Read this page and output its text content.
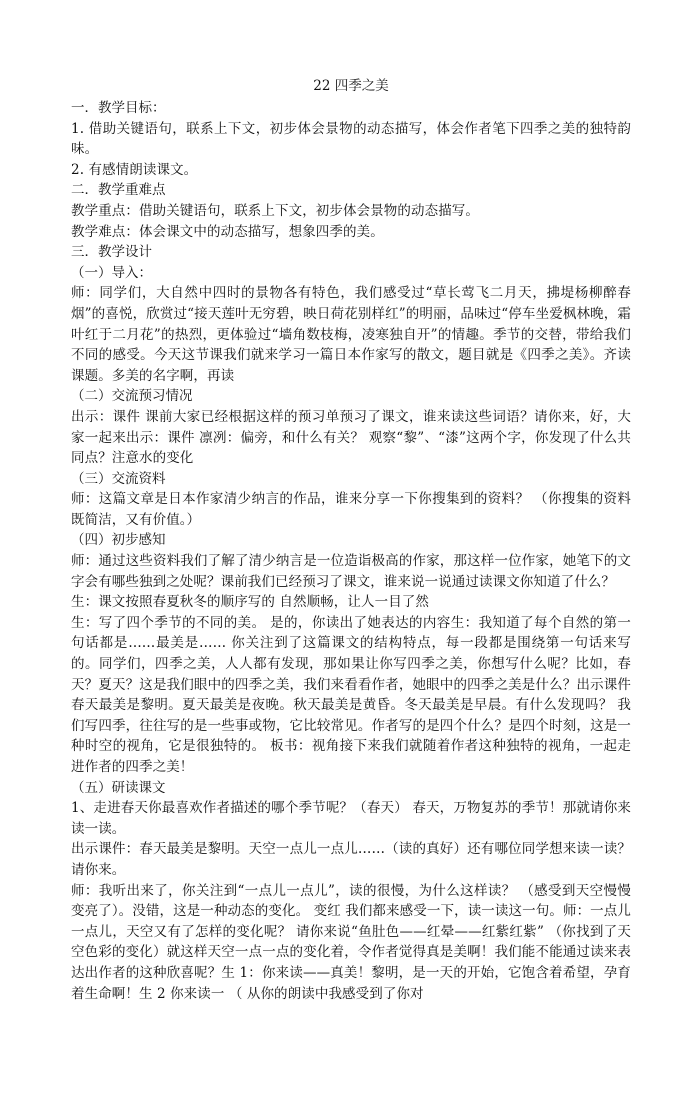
22 四季之美

一．教学目标：

1. 借助关键语句，联系上下文，初步体会景物的动态描写，体会作者笔下四季之美的独特韵味。

2. 有感情朗读课文。

二．教学重难点

教学重点：借助关键语句，联系上下文，初步体会景物的动态描写。

教学难点：体会课文中的动态描写，想象四季的美。

三．教学设计

（一）导入：

师：同学们，大自然中四时的景物各有特色，我们感受过“草长莺飞二月天，拂堤杨柳醉春烟”的喜悦，欣赏过“接天莲叶无穷碧，映日荷花别样红”的明丽，品味过“停车坐爱枫林晚，霜叶红于二月花”的热烈，更体验过“墙角数枝梅，凌寒独自开”的情趣。季节的交替，带给我们不同的感受。今天这节课我们就来学习一篇日本作家写的散文，题目就是《四季之美》。齐读课题。多美的名字啊，再读

（二）交流预习情况

出示：课件 课前大家已经根据这样的预习单预习了课文，谁来读这些词语？请你来，好，大家一起来出示：课件 凛冽：偏旁，和什么有关？ 观察“黎”、“漆”这两个字，你发现了什么共同点？注意水的变化

（三）交流资料

师：这篇文章是日本作家清少纳言的作品，谁来分享一下你搜集到的资料？ （你搜集的资料既简洁，又有价值。）

（四）初步感知

师：通过这些资料我们了解了清少纳言是一位造诣极高的作家，那这样一位作家，她笔下的文字会有哪些独到之处呢？课前我们已经预习了课文，谁来说一说通过读课文你知道了什么？

生：课文按照春夏秋冬的顺序写的 自然顺畅，让人一目了然

生：写了四个季节的不同的美。 是的，你读出了她表达的内容生：我知道了每个自然的第一句话都是……最美是…… 你关注到了这篇课文的结构特点，每一段都是围绕第一句话来写的。同学们，四季之美，人人都有发现，那如果让你写四季之美，你想写什么呢？比如，春天？夏天？这是我们眼中的四季之美，我们来看看作者，她眼中的四季之美是什么？出示课件 春天最美是黎明。夏天最美是夜晚。秋天最美是黄昏。冬天最美是早晨。有什么发现吗？ 我们写四季，往往写的是一些事或物，它比较常见。作者写的是四个什么？是四个时刻，这是一种时空的视角，它是很独特的。 板书：视角接下来我们就随着作者这种独特的视角，一起走进作者的四季之美！

（五）研读课文

1、走进春天你最喜欢作者描述的哪个季节呢？（春天） 春天，万物复苏的季节！那就请你来读一读。

出示课件：春天最美是黎明。天空一点儿一点儿……（读的真好）还有哪位同学想来读一读？请你来。

师：我听出来了，你关注到“一点儿一点儿”，读的很慢，为什么这样读？ （感受到天空慢慢变亮了）。没错，这是一种动态的变化。 变红 我们都来感受一下，读一读这一句。师：一点儿一点儿，天空又有了怎样的变化呢？ 请你来说“鱼肚色——红晕——红紫红紫” （你找到了天空色彩的变化）就这样天空一点一点的变化着，令作者觉得真是美啊！我们能不能通过读来表达出作者的这种欣喜呢？生 1：你来读——真美！黎明，是一天的开始，它饱含着希望，孕育着生命啊！生 2 你来读一 （ 从你的朗读中我感受到了你对
